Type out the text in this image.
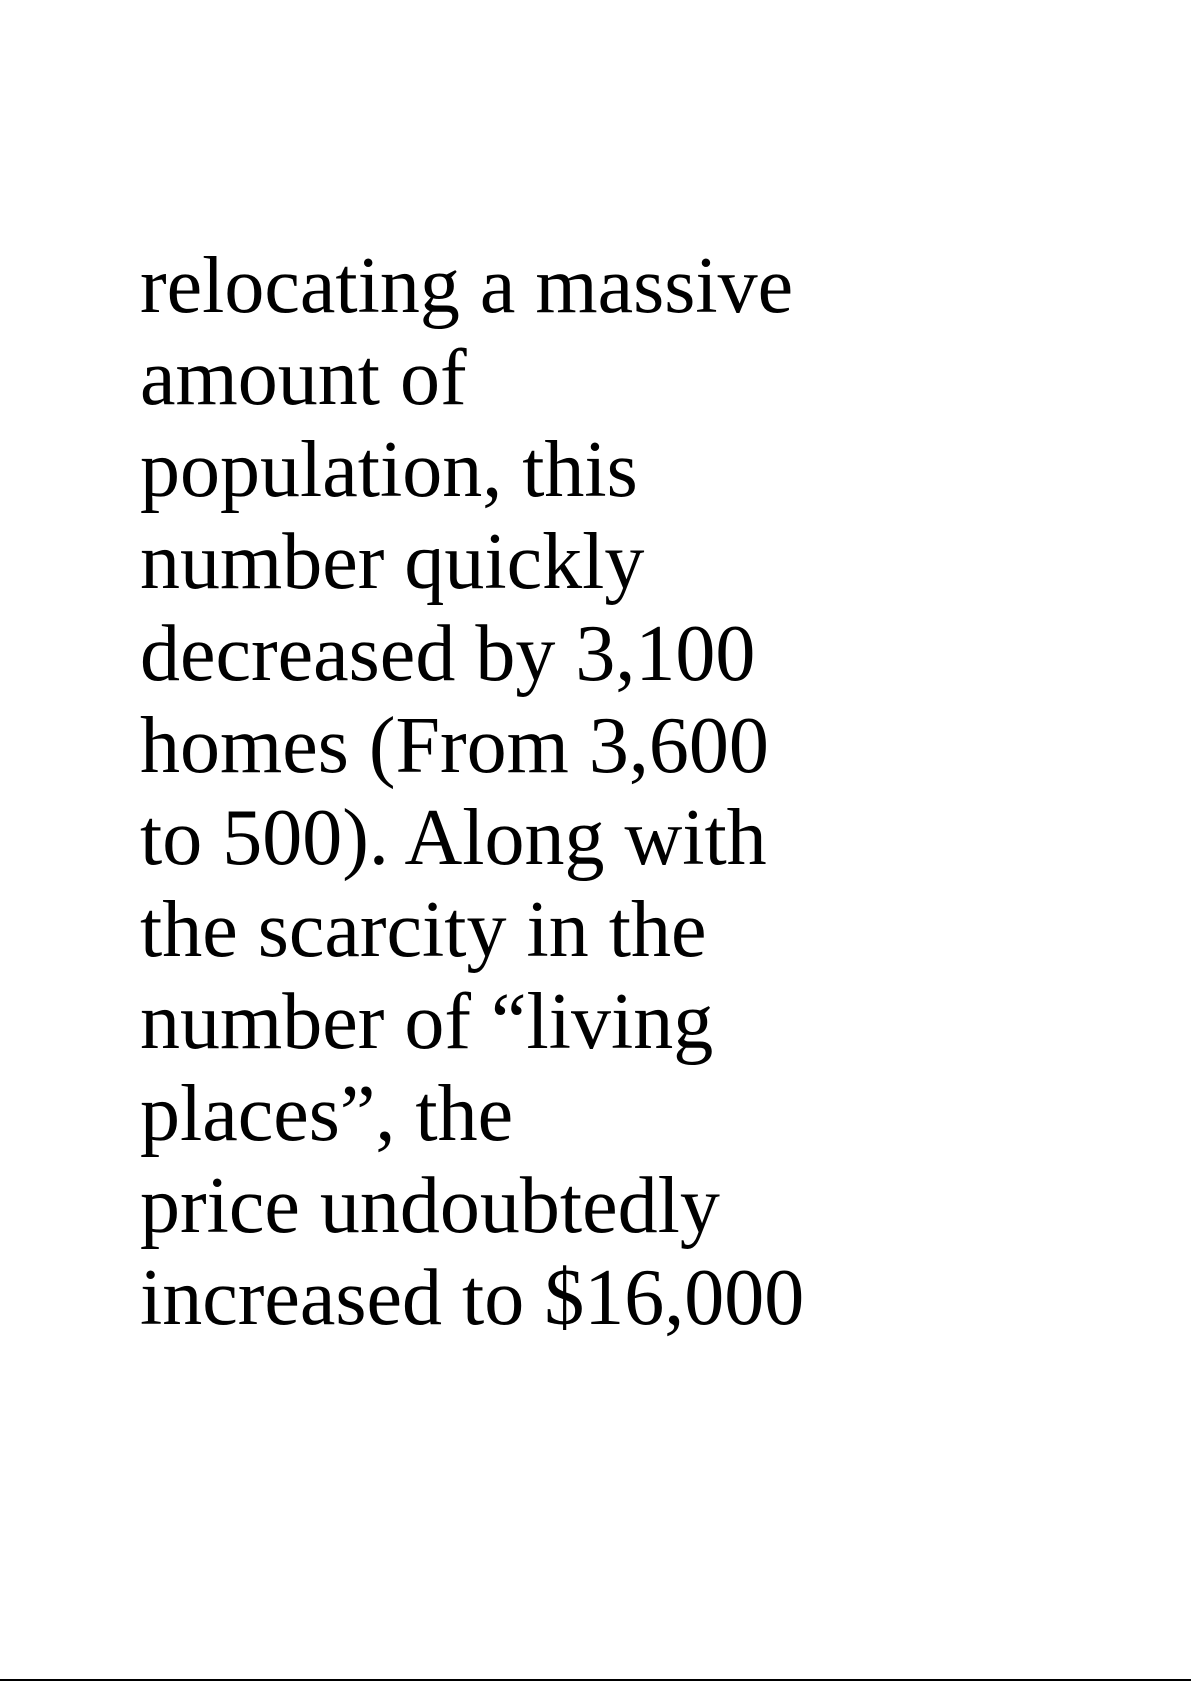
relocating a massive
amount of
population, this
number quickly
decreased by 3,100
homes (From 3,600
to 500). Along with
the scarcity in the
number of “living
places”, the
price undoubtedly
increased to $16,000
